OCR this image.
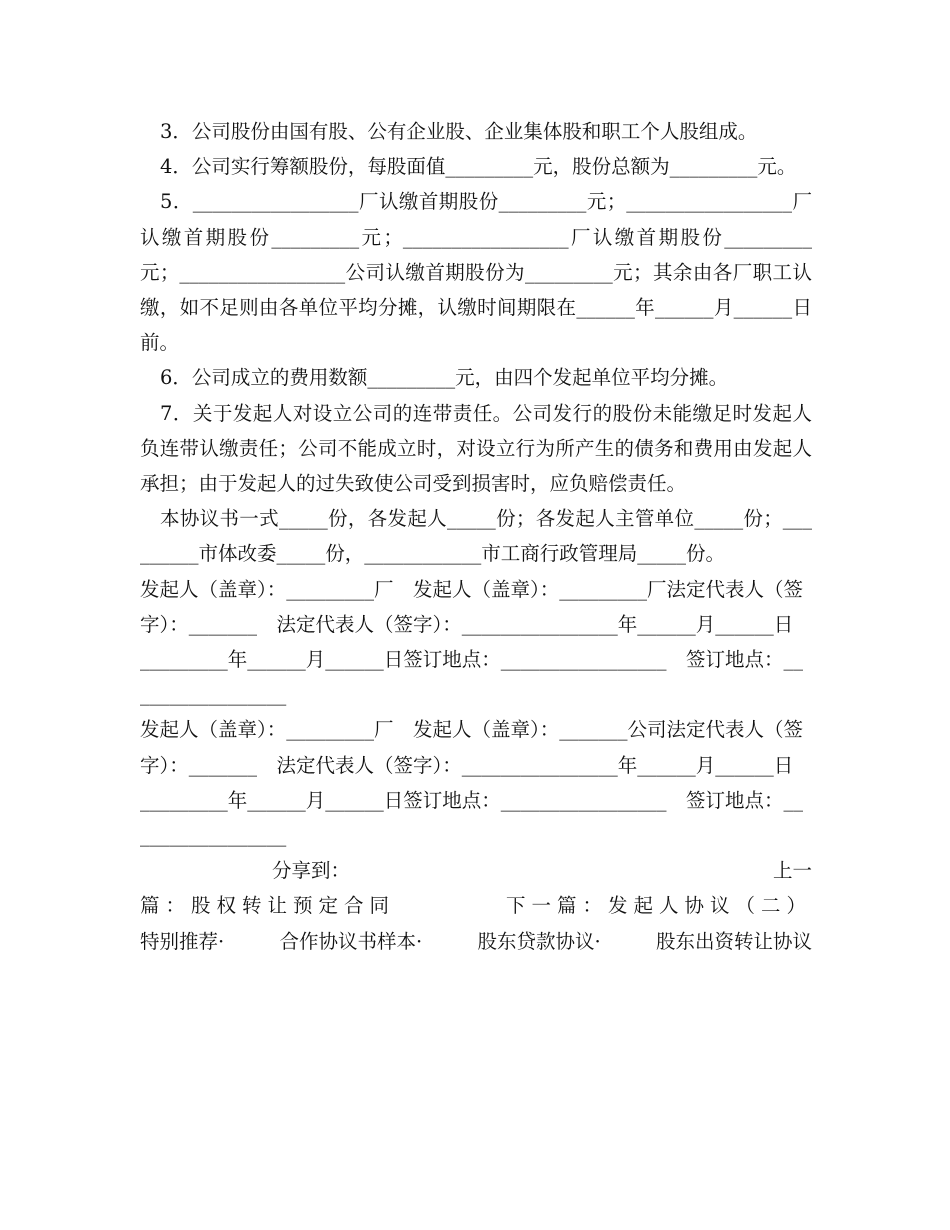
3．公司股份由国有股、公有企业股、企业集体股和职工个人股组成。

4．公司实行筹额股份，每股面值_________元，股份总额为_________元。

5．_________________厂认缴首期股份_________元；_________________厂认缴首期股份_________元；_________________厂认缴首期股份_________元；_________________公司认缴首期股份为_________元；其余由各厂职工认缴，如不足则由各单位平均分摊，认缴时间期限在______年______月______日前。

6．公司成立的费用数额_________元，由四个发起单位平均分摊。

7．关于发起人对设立公司的连带责任。公司发行的股份未能缴足时发起人负连带认缴责任；公司不能成立时，对设立行为所产生的债务和费用由发起人承担；由于发起人的过失致使公司受到损害时，应负赔偿责任。

本协议书一式_____份，各发起人_____份；各发起人主管单位_____份；_________市体改委_____份，____________市工商行政管理局_____份。

发起人（盖章）：_________厂　发起人（盖章）：_________厂法定代表人（签字）：_______　法定代表人（签字）：________________年______月______日　_________年______月______日签订地点：_________________　签订地点：_________________

发起人（盖章）：_________厂　发起人（盖章）：_______公司法定代表人（签字）：_______　法定代表人（签字）：________________年______月______日　_________年______月______日签订地点：_________________　签订地点：_________________

分享到：	上一
篇：股权转让预定合同	下一篇：发起人协议（二）
特别推荐·	合作协议书样本·	股东贷款协议·	股东出资转让协议
